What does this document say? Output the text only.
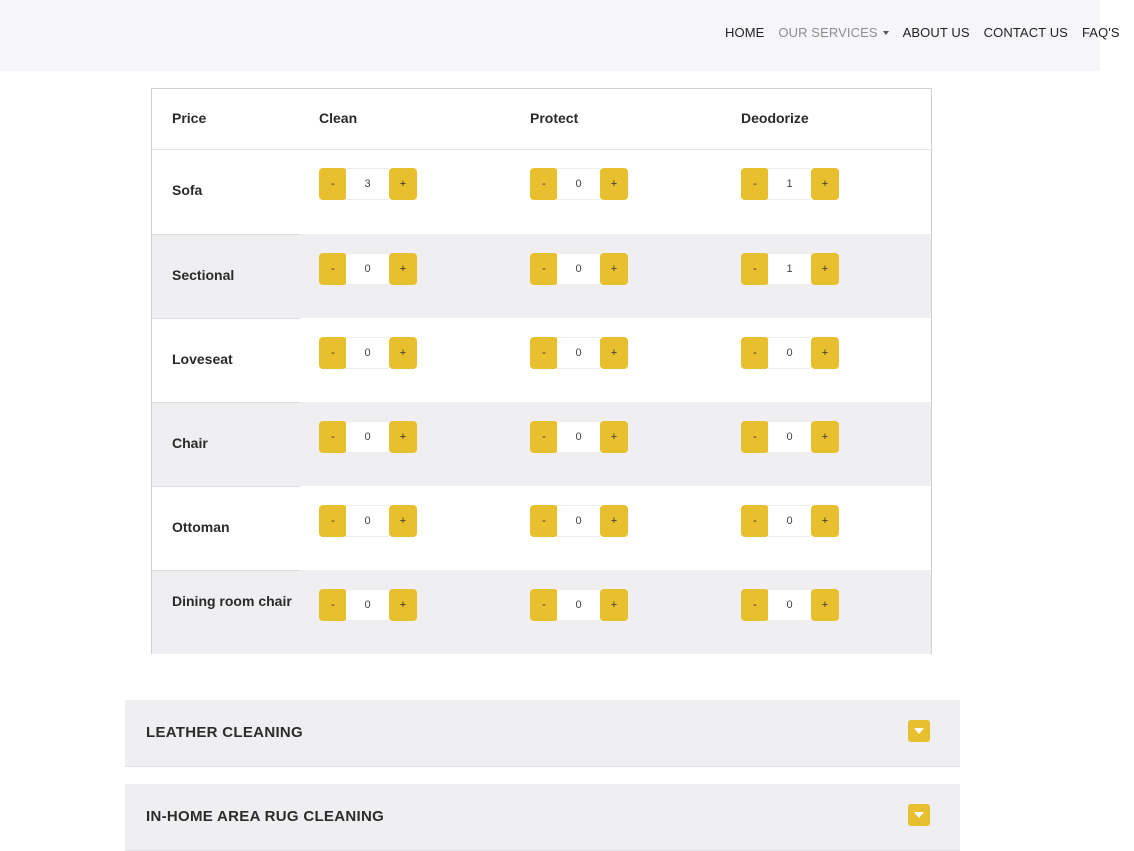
HOME OUR SERVICES ABOUT US CONTACT US FAQ'S
Price	Clean	Protect	Deodorize
Sofa	-	3	+	-	0	+	-	1	+
Sectional	-	0	+	-	0	+	-	1	+
Loveseat	-	0	+	-	0	+	-	0	+
Chair	-	0	+	-	0	+	-	0	+
Ottoman	-	0	+	-	0	+	-	0	+
Dining room chair	-	0	+	-	0	+	-	0	+
LEATHER CLEANING
IN-HOME AREA RUG CLEANING
